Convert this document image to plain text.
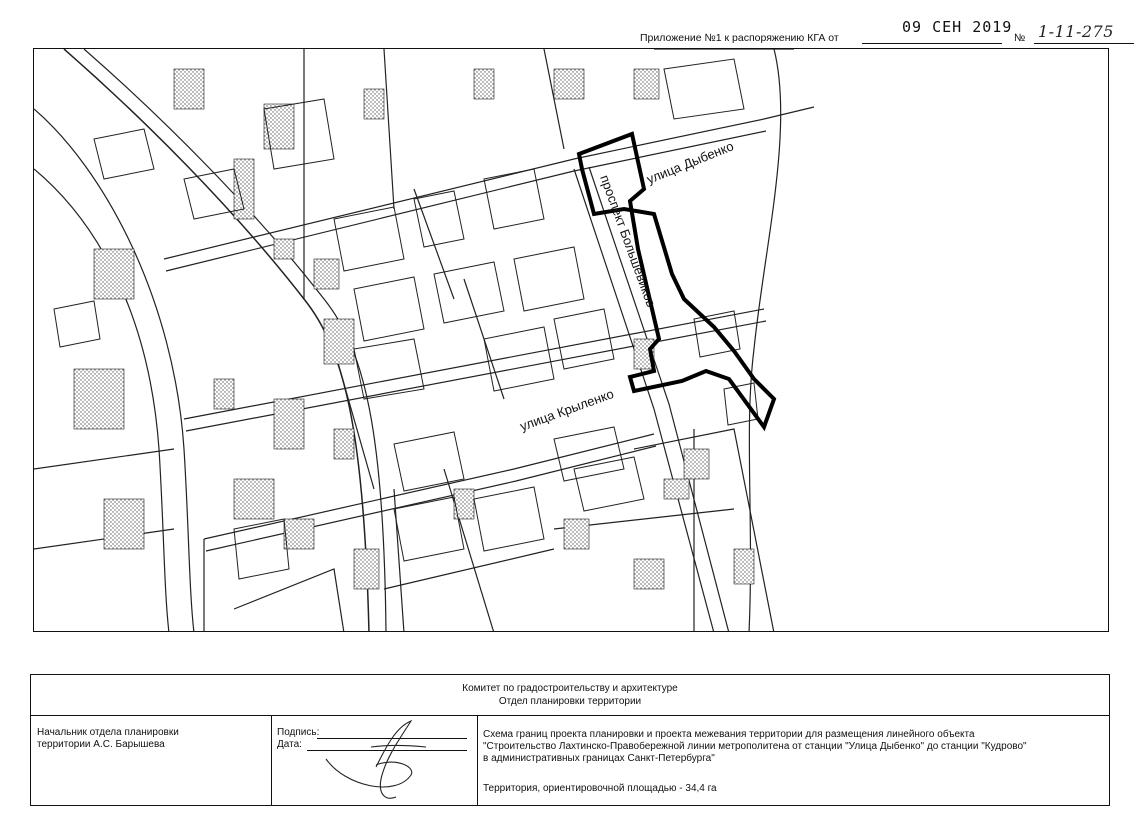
Приложение №1 к распоряжению КГА от
09 СЕН 2019
№ 1-11-275
улица Дыбенко
проспект Большевиков
улица Крыленко
Комитет по градостроительству и архитектуре
Отдел планировки территории
Начальник отдела планировки
территории А.С. Барышева
Подпись:
Дата:
Схема границ проекта планировки и проекта межевания территории для размещения линейного объекта
"Строительство Лахтинско-Правобережной линии метрополитена от станции "Улица Дыбенко" до станции "Кудрово"
в административных границах Санкт-Петербурга"
Территория, ориентировочной площадью - 34,4 га
